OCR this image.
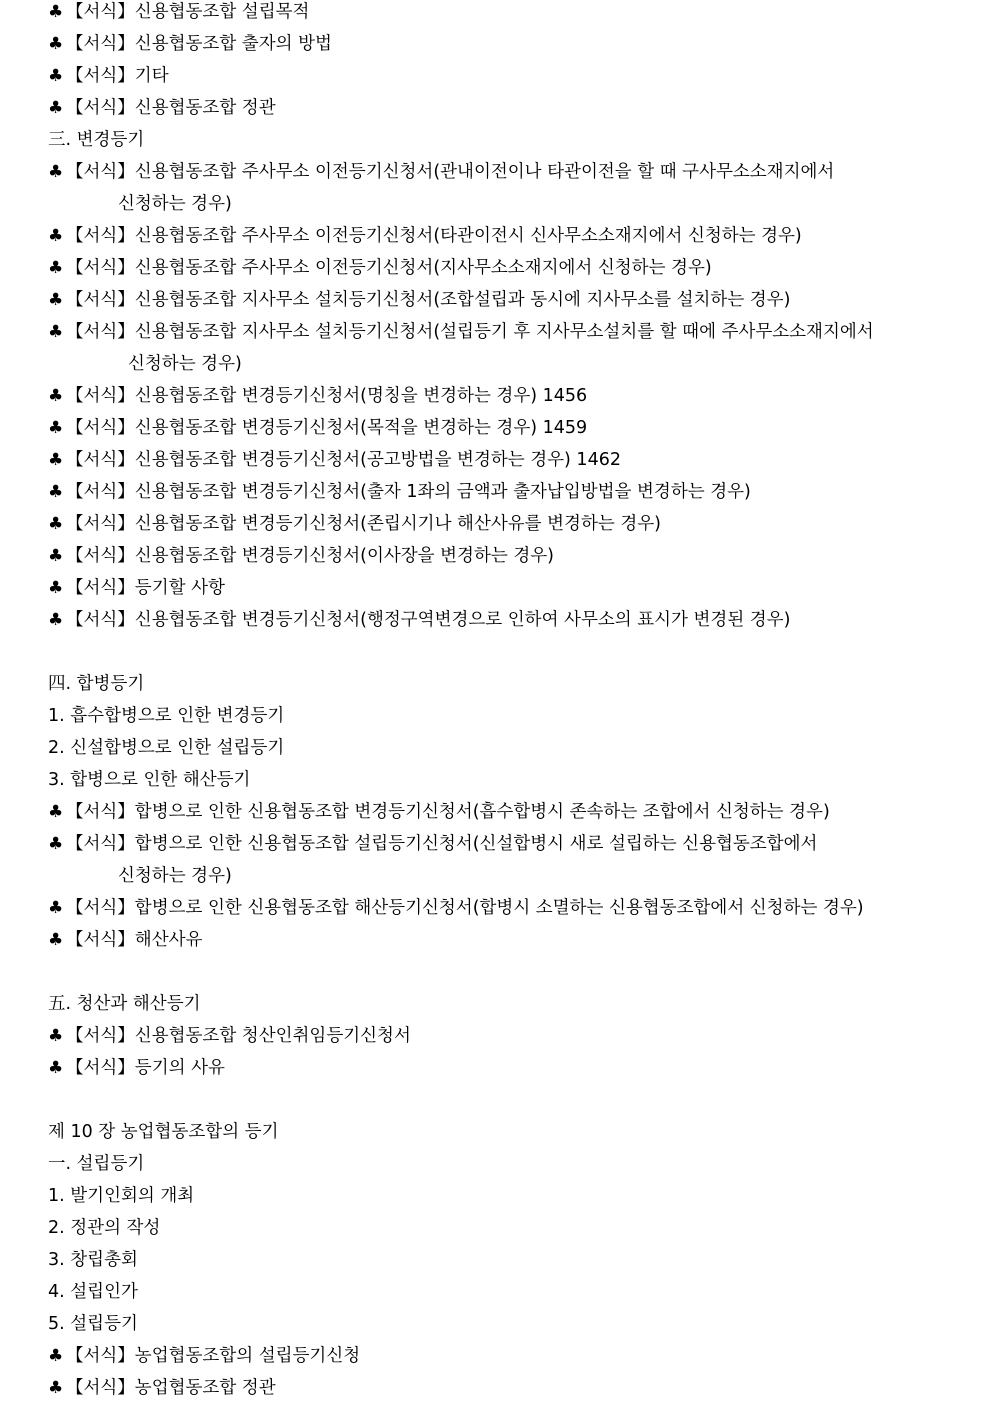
♣ 【서식】신용협동조합 설립목적
♣ 【서식】신용협동조합 출자의 방법
♣ 【서식】기타
♣ 【서식】신용협동조합 정관
三. 변경등기
♣ 【서식】신용협동조합 주사무소 이전등기신청서(관내이전이나 타관이전을 할 때 구사무소소재지에서
신청하는 경우)
♣ 【서식】신용협동조합 주사무소 이전등기신청서(타관이전시 신사무소소재지에서 신청하는 경우)
♣ 【서식】신용협동조합 주사무소 이전등기신청서(지사무소소재지에서 신청하는 경우)
♣ 【서식】신용협동조합 지사무소 설치등기신청서(조합설립과 동시에 지사무소를 설치하는 경우)
♣ 【서식】신용협동조합 지사무소 설치등기신청서(설립등기 후 지사무소설치를 할 때에 주사무소소재지에서
신청하는 경우)
♣ 【서식】신용협동조합 변경등기신청서(명칭을 변경하는 경우) 1456
♣ 【서식】신용협동조합 변경등기신청서(목적을 변경하는 경우) 1459
♣ 【서식】신용협동조합 변경등기신청서(공고방법을 변경하는 경우) 1462
♣ 【서식】신용협동조합 변경등기신청서(출자 1좌의 금액과 출자납입방법을 변경하는 경우)
♣ 【서식】신용협동조합 변경등기신청서(존립시기나 해산사유를 변경하는 경우)
♣ 【서식】신용협동조합 변경등기신청서(이사장을 변경하는 경우)
♣ 【서식】등기할 사항
♣ 【서식】신용협동조합 변경등기신청서(행정구역변경으로 인하여 사무소의 표시가 변경된 경우)
四. 합병등기
1. 흡수합병으로 인한 변경등기
2. 신설합병으로 인한 설립등기
3. 합병으로 인한 해산등기
♣ 【서식】합병으로 인한 신용협동조합 변경등기신청서(흡수합병시 존속하는 조합에서 신청하는 경우)
♣ 【서식】합병으로 인한 신용협동조합 설립등기신청서(신설합병시 새로 설립하는 신용협동조합에서
신청하는 경우)
♣ 【서식】합병으로 인한 신용협동조합 해산등기신청서(합병시 소멸하는 신용협동조합에서 신청하는 경우)
♣ 【서식】해산사유
五. 청산과 해산등기
♣ 【서식】신용협동조합 청산인취임등기신청서
♣ 【서식】등기의 사유
제 10 장 농업협동조합의 등기
一. 설립등기
1. 발기인회의 개최
2. 정관의 작성
3. 창립총회
4. 설립인가
5. 설립등기
♣ 【서식】농업협동조합의 설립등기신청
♣ 【서식】농업협동조합 정관
